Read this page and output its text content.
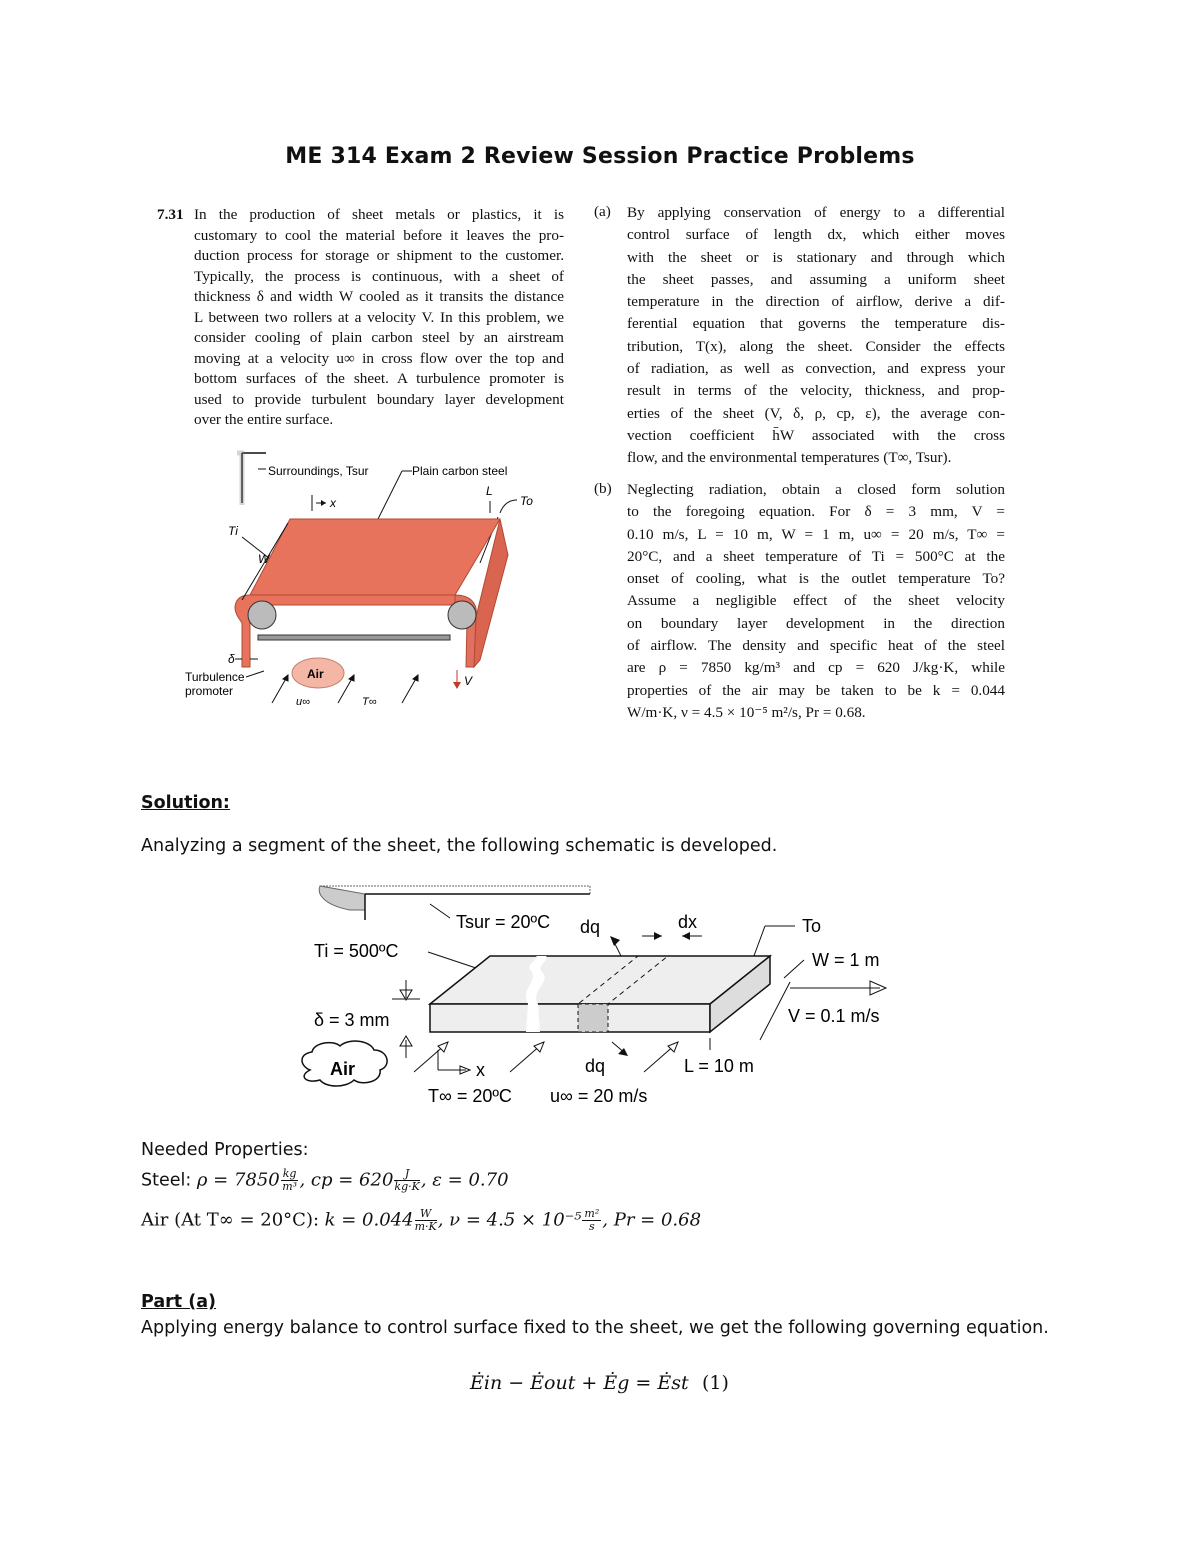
ME 314 Exam 2 Review Session Practice Problems
7.31 In the production of sheet metals or plastics, it is
customary to cool the material before it leaves the pro-
duction process for storage or shipment to the customer.
Typically, the process is continuous, with a sheet of
thickness δ and width W cooled as it transits the distance
L between two rollers at a velocity V. In this problem, we
consider cooling of plain carbon steel by an airstream
moving at a velocity u∞ in cross flow over the top and
bottom surfaces of the sheet. A turbulence promoter is
used to provide turbulent boundary layer development
over the entire surface.
(a) By applying conservation of energy to a differential
control surface of length dx, which either moves
with the sheet or is stationary and through which
the sheet passes, and assuming a uniform sheet
temperature in the direction of airflow, derive a dif-
ferential equation that governs the temperature dis-
tribution, T(x), along the sheet. Consider the effects
of radiation, as well as convection, and express your
result in terms of the velocity, thickness, and prop-
erties of the sheet (V, δ, ρ, cp, ε), the average con-
vection coefficient h̄W associated with the cross
flow, and the environmental temperatures (T∞, Tsur).
(b) Neglecting radiation, obtain a closed form solution
to the foregoing equation. For δ = 3 mm, V =
0.10 m/s, L = 10 m, W = 1 m, u∞ = 20 m/s, T∞ =
20°C, and a sheet temperature of Ti = 500°C at the
onset of cooling, what is the outlet temperature To?
Assume a negligible effect of the sheet velocity
on boundary layer development in the direction
of airflow. The density and specific heat of the steel
are ρ = 7850 kg/m³ and cp = 620 J/kg·K, while
properties of the air may be taken to be k = 0.044
W/m·K, ν = 4.5 × 10⁻⁵ m²/s, Pr = 0.68.
Surroundings, Tsur	Plain carbon steel
x
L
To
Ti
W
δ
Turbulence
promoter
Air
u∞	T∞
V
Solution:
Analyzing a segment of the sheet, the following schematic is developed.
Tsur = 20ºC dq	dx	To
Ti = 500ºC	W = 1 m
V = 0.1 m/s
δ = 3 mm
Air	x	dq	L = 10 m
T∞ = 20ºC u∞ = 20 m/s
Needed Properties:
Steel: $\rho = 7850 \frac{kg}{\text{m³}}$ , cp = $620 \frac{J}{kg\cdot K}$ , ε = 0.70
Air (At T∞ = 20°C): $k = 0.044 \frac{W}{m\cdot K}$ , $\nu = 4.5 \times 10^{-5} \frac{\text{m²}}{s}$ , Pr = 0.68
Part (a)
Applying energy balance to control surface fixed to the sheet, we get the following governing equation.
Ėin − Ėout + Ėg = Ėst (1)
